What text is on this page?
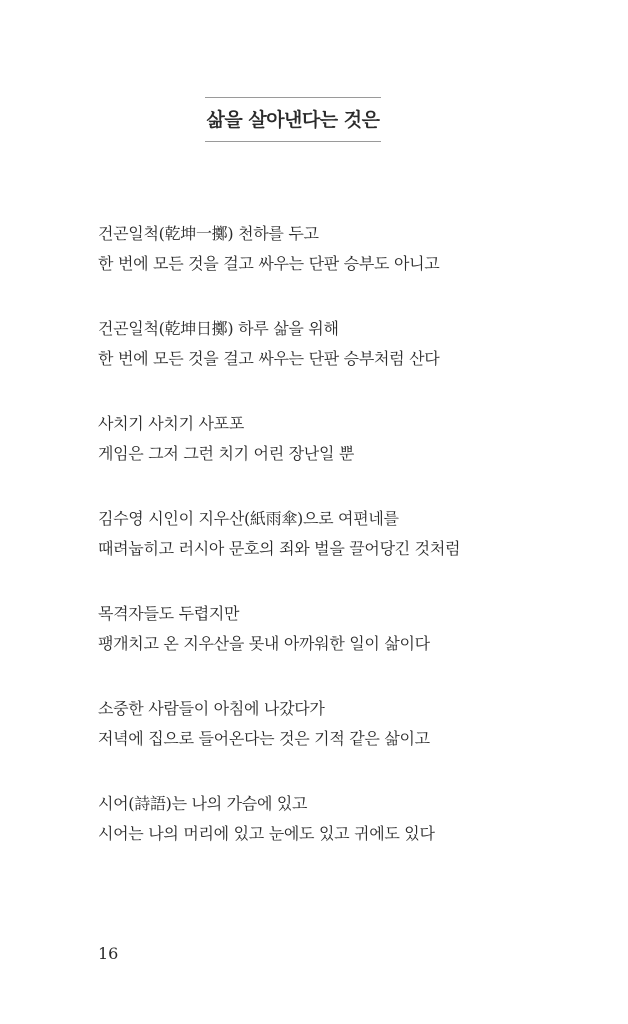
삶을 살아낸다는 것은
건곤일척(乾坤一擲) 천하를 두고
한 번에 모든 것을 걸고 싸우는 단판 승부도 아니고
건곤일척(乾坤日擲) 하루 삶을 위해
한 번에 모든 것을 걸고 싸우는 단판 승부처럼 산다
사치기 사치기 사포포
게임은 그저 그런 치기 어린 장난일 뿐
김수영 시인이 지우산(紙雨傘)으로 여편네를
때려눕히고 러시아 문호의 죄와 벌을 끌어당긴 것처럼
목격자들도 두렵지만
팽개치고 온 지우산을 못내 아까워한 일이 삶이다
소중한 사람들이 아침에 나갔다가
저녁에 집으로 들어온다는 것은 기적 같은 삶이고
시어(詩語)는 나의 가슴에 있고
시어는 나의 머리에 있고 눈에도 있고 귀에도 있다
16
